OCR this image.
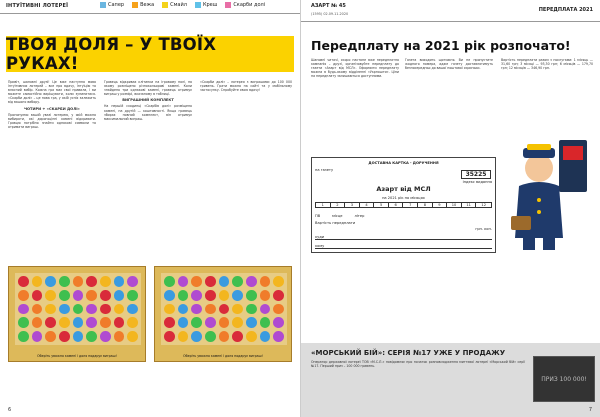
ІНТУЇТИВНІ ЛОТЕРЕЇ	Сапер	Вежа	Смайл	Креш	Скарби долі
ТВОЯ ДОЛЯ – У ТВОЇХ РУКАХ!

Привіт, шановні друзі! Це вже наступна мова інтуїтивних лотерей – все про вдачу, інтуїцію та власний вибір. Кожна гра має свої правила, і ви можете самостійно вирішувати, коли зупинитися. «Скарби долі» – це нова гра, у якій успіх залежить від вашого вибору.

ЧОТИРИ + «СКАРБИ ДОЛІ»

Пропонуємо вашій увазі лотерею, у якій можна вибирати, які дорогоцінні камені відкривати. Гравцю потрібно знайти однакові символи та отримати виграш.

Гравець відкриває клітинки на ігровому полі, на якому розміщено різнокольорові камені. Коли знайдено три однакові камені, гравець отримує виграш у розмірі, вказаному в таблиці.

ВИГРАШНИЙ КОМПЛЕКТ

На першій сходинці «Скарбів долі» розміщено камені, на другій — коштовності. Якщо гравець збирає повний комплект, він отримує максимальний виграш.

«Скарби долі» – лотерея з виграшами до 100 000 гривень. Грати можна на сайті та у мобільному застосунку. Спробуйте свою вдачу!

Оберіть уважно камені і доля подарує виграш!	Оберіть уважно камені і доля подарує виграш!
6
АЗАРТ № 45
(1595) 02.09.11.2020
ПЕРЕДПЛАТА 2021
Передплату на 2021 рік розпочато!

Шановні читачі, скоро настане вже передплатна кампанія – друзі, організовуйте передплату до газети «Азарт від МСЛ». Оформити передплату можна в будь-якому відділенні «Укрпошти». Ціни на передплату залишаються доступними.

Газета виходить щотижня. Ви не пропустите жодного номера, адже газету доставлятимуть безпосередньо до вашої поштової скриньки.

Вартість передплати разом з послугами: 1 місяць — 31,60 грн; 3 місяці — 93,30 грн; 6 місяців — 179,70 грн; 12 місяців — 346,90 грн.

ДОСТАВНА КАРТКА - ДОРУЧЕННЯ
на газету
35225
індекс видання
Азарт від МСЛ
на 2021 рік по місяцях
1	2	3	4	5	6	7	8	9	10	11	12
ПВ	місце	літер
Вартість передплати
грн. коп.
куди
кому
«МОРСЬКИЙ БІЙ»: СЕРІЯ №17 УЖЕ У ПРОДАЖУ

Оператор державної лотереї ТОВ «М.С.Л.» повідомляє про початок розповсюдження миттєвої лотереї «Морський бій» серії №17. Перший приз – 100 000 гривень.

ПРИЗ 100 000!
7
